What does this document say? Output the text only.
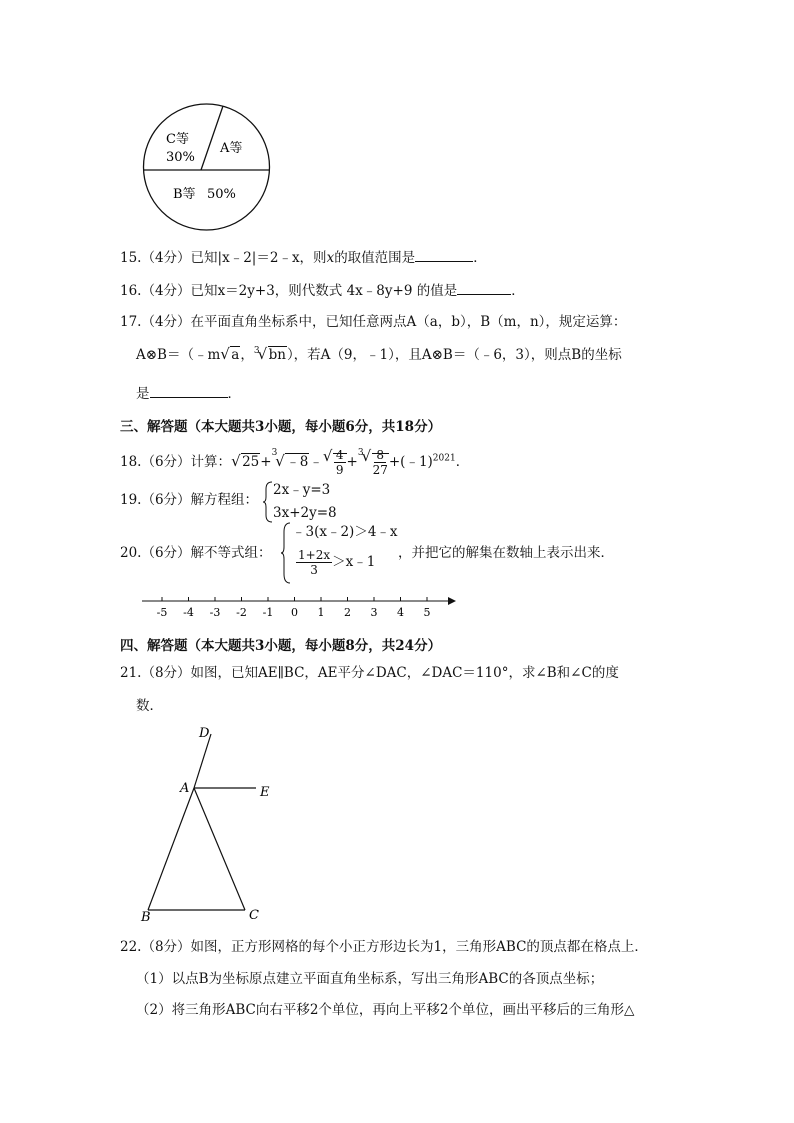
C等
30%
A等
B等 50%
15.（4分）已知|x﹣2|＝2﹣x，则x的取值范围是	．
16.（4分）已知x＝2y+3，则代数式 4x﹣8y+9 的值是	．
17.（4分）在平面直角坐标系中，已知任意两点A（a，b），B（m，n），规定运算：
A⊗B＝（﹣m √ a，$^3$ √ bn），若A（9，﹣1），且A⊗B＝（﹣6，3），则点B的坐标
是	．
三、解答题（本大题共3小题，每小题6分，共18分）
18.（6分）计算： √ 25+$^3$√ ﹣8﹣ √ $\frac{4}{9} +^3$ √ $\frac{8}{27}$ +(﹣1)$^{2021}$．
19.（6分）解方程组：
2x﹣y=3
3x+2y=8
20.（6分）解不等式组：
﹣3(x﹣2)＞4﹣x
$\frac{1+2x}{3}$ ＞x﹣1
，并把它的解集在数轴上表示出来．
-5 -4 -3 -2 -1 0 1 2 3 4 5
四、解答题（本大题共3小题，每小题8分，共24分）
21.（8分）如图，已知AE∥BC，AE平分∠DAC，∠DAC＝110°，求∠B和∠C的度
数．
D
A	E
B	C
22.（8分）如图，正方形网格的每个小正方形边长为1，三角形ABC的顶点都在格点上．
（1）以点B为坐标原点建立平面直角坐标系，写出三角形ABC的各顶点坐标；
（2）将三角形ABC向右平移2个单位，再向上平移2个单位，画出平移后的三角形△
